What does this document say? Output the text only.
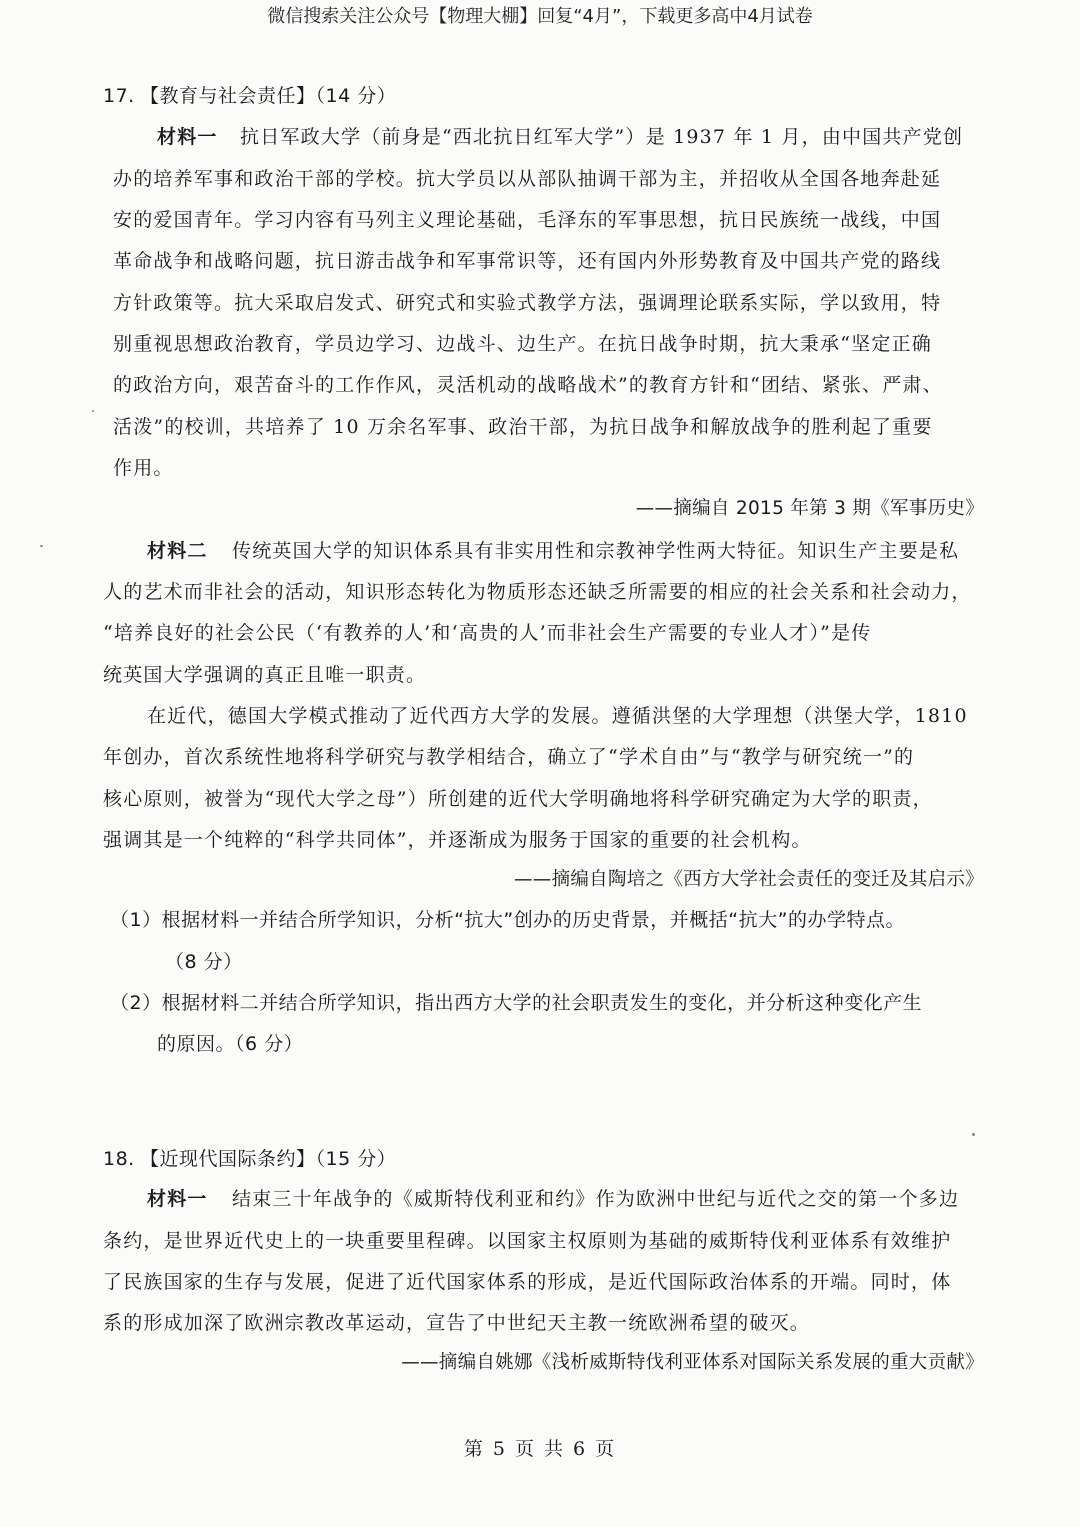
微信搜索关注公众号【物理大棚】回复“4月”，下载更多高中4月试卷
17. 【教育与社会责任】（14 分）
材料一 抗日军政大学（前身是“西北抗日红军大学”）是 1937 年 1 月，由中国共产党创
办的培养军事和政治干部的学校。抗大学员以从部队抽调干部为主，并招收从全国各地奔赴延
安的爱国青年。学习内容有马列主义理论基础，毛泽东的军事思想，抗日民族统一战线，中国
革命战争和战略问题，抗日游击战争和军事常识等，还有国内外形势教育及中国共产党的路线
方针政策等。抗大采取启发式、研究式和实验式教学方法，强调理论联系实际，学以致用，特
别重视思想政治教育，学员边学习、边战斗、边生产。在抗日战争时期，抗大秉承“坚定正确
的政治方向，艰苦奋斗的工作作风，灵活机动的战略战术”的教育方针和“团结、紧张、严肃、
活泼”的校训，共培养了 10 万余名军事、政治干部，为抗日战争和解放战争的胜利起了重要
作用。
——摘编自 2015 年第 3 期《军事历史》
材料二 传统英国大学的知识体系具有非实用性和宗教神学性两大特征。知识生产主要是私
人的艺术而非社会的活动，知识形态转化为物质形态还缺乏所需要的相应的社会关系和社会动力，
“培养良好的社会公民（‘有教养的人’和‘高贵的人’而非社会生产需要的专业人才）”是传
统英国大学强调的真正且唯一职责。
在近代，德国大学模式推动了近代西方大学的发展。遵循洪堡的大学理想（洪堡大学，1810
年创办，首次系统性地将科学研究与教学相结合，确立了“学术自由”与“教学与研究统一”的
核心原则，被誉为“现代大学之母”）所创建的近代大学明确地将科学研究确定为大学的职责，
强调其是一个纯粹的“科学共同体”，并逐渐成为服务于国家的重要的社会机构。
——摘编自陶培之《西方大学社会责任的变迁及其启示》
（1）根据材料一并结合所学知识，分析“抗大”创办的历史背景，并概括“抗大”的办学特点。
（8 分）
（2）根据材料二并结合所学知识，指出西方大学的社会职责发生的变化，并分析这种变化产生
的原因。（6 分）
18. 【近现代国际条约】（15 分）
材料一 结束三十年战争的《威斯特伐利亚和约》作为欧洲中世纪与近代之交的第一个多边
条约，是世界近代史上的一块重要里程碑。以国家主权原则为基础的威斯特伐利亚体系有效维护
了民族国家的生存与发展，促进了近代国家体系的形成，是近代国际政治体系的开端。同时，体
系的形成加深了欧洲宗教改革运动，宣告了中世纪天主教一统欧洲希望的破灭。
——摘编自姚娜《浅析威斯特伐利亚体系对国际关系发展的重大贡献》
第 5 页 共 6 页
